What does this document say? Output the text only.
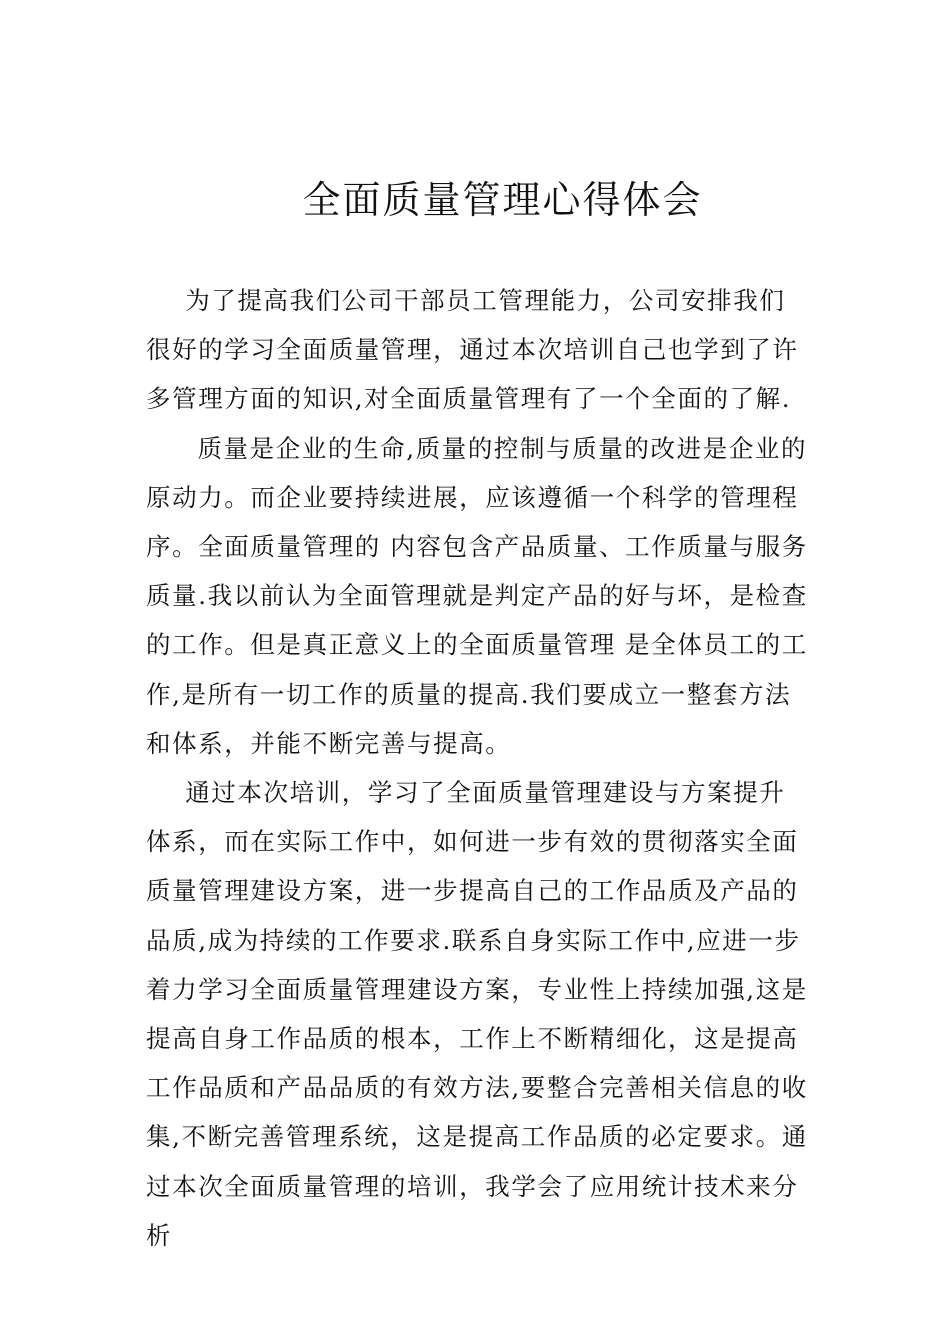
全面质量管理心得体会

为了提高我们公司干部员工管理能力，公司安排我们很好的学习全面质量管理，通过本次培训自己也学到了许多管理方面的知识,对全面质量管理有了一个全面的了解.

质量是企业的生命,质量的控制与质量的改进是企业的原动力。而企业要持续进展，应该遵循一个科学的管理程序。全面质量管理的 内容包含产品质量、工作质量与服务质量.我以前认为全面管理就是判定产品的好与坏，是检查的工作。但是真正意义上的全面质量管理 是全体员工的工作,是所有一切工作的质量的提高.我们要成立一整套方法和体系，并能不断完善与提高。

通过本次培训，学习了全面质量管理建设与方案提升体系，而在实际工作中，如何进一步有效的贯彻落实全面质量管理建设方案，进一步提高自己的工作品质及产品的品质,成为持续的工作要求.联系自身实际工作中,应进一步着力学习全面质量管理建设方案，专业性上持续加强,这是提高自身工作品质的根本，工作上不断精细化，这是提高工作品质和产品品质的有效方法,要整合完善相关信息的收集,不断完善管理系统，这是提高工作品质的必定要求。通过本次全面质量管理的培训，我学会了应用统计技术来分析
